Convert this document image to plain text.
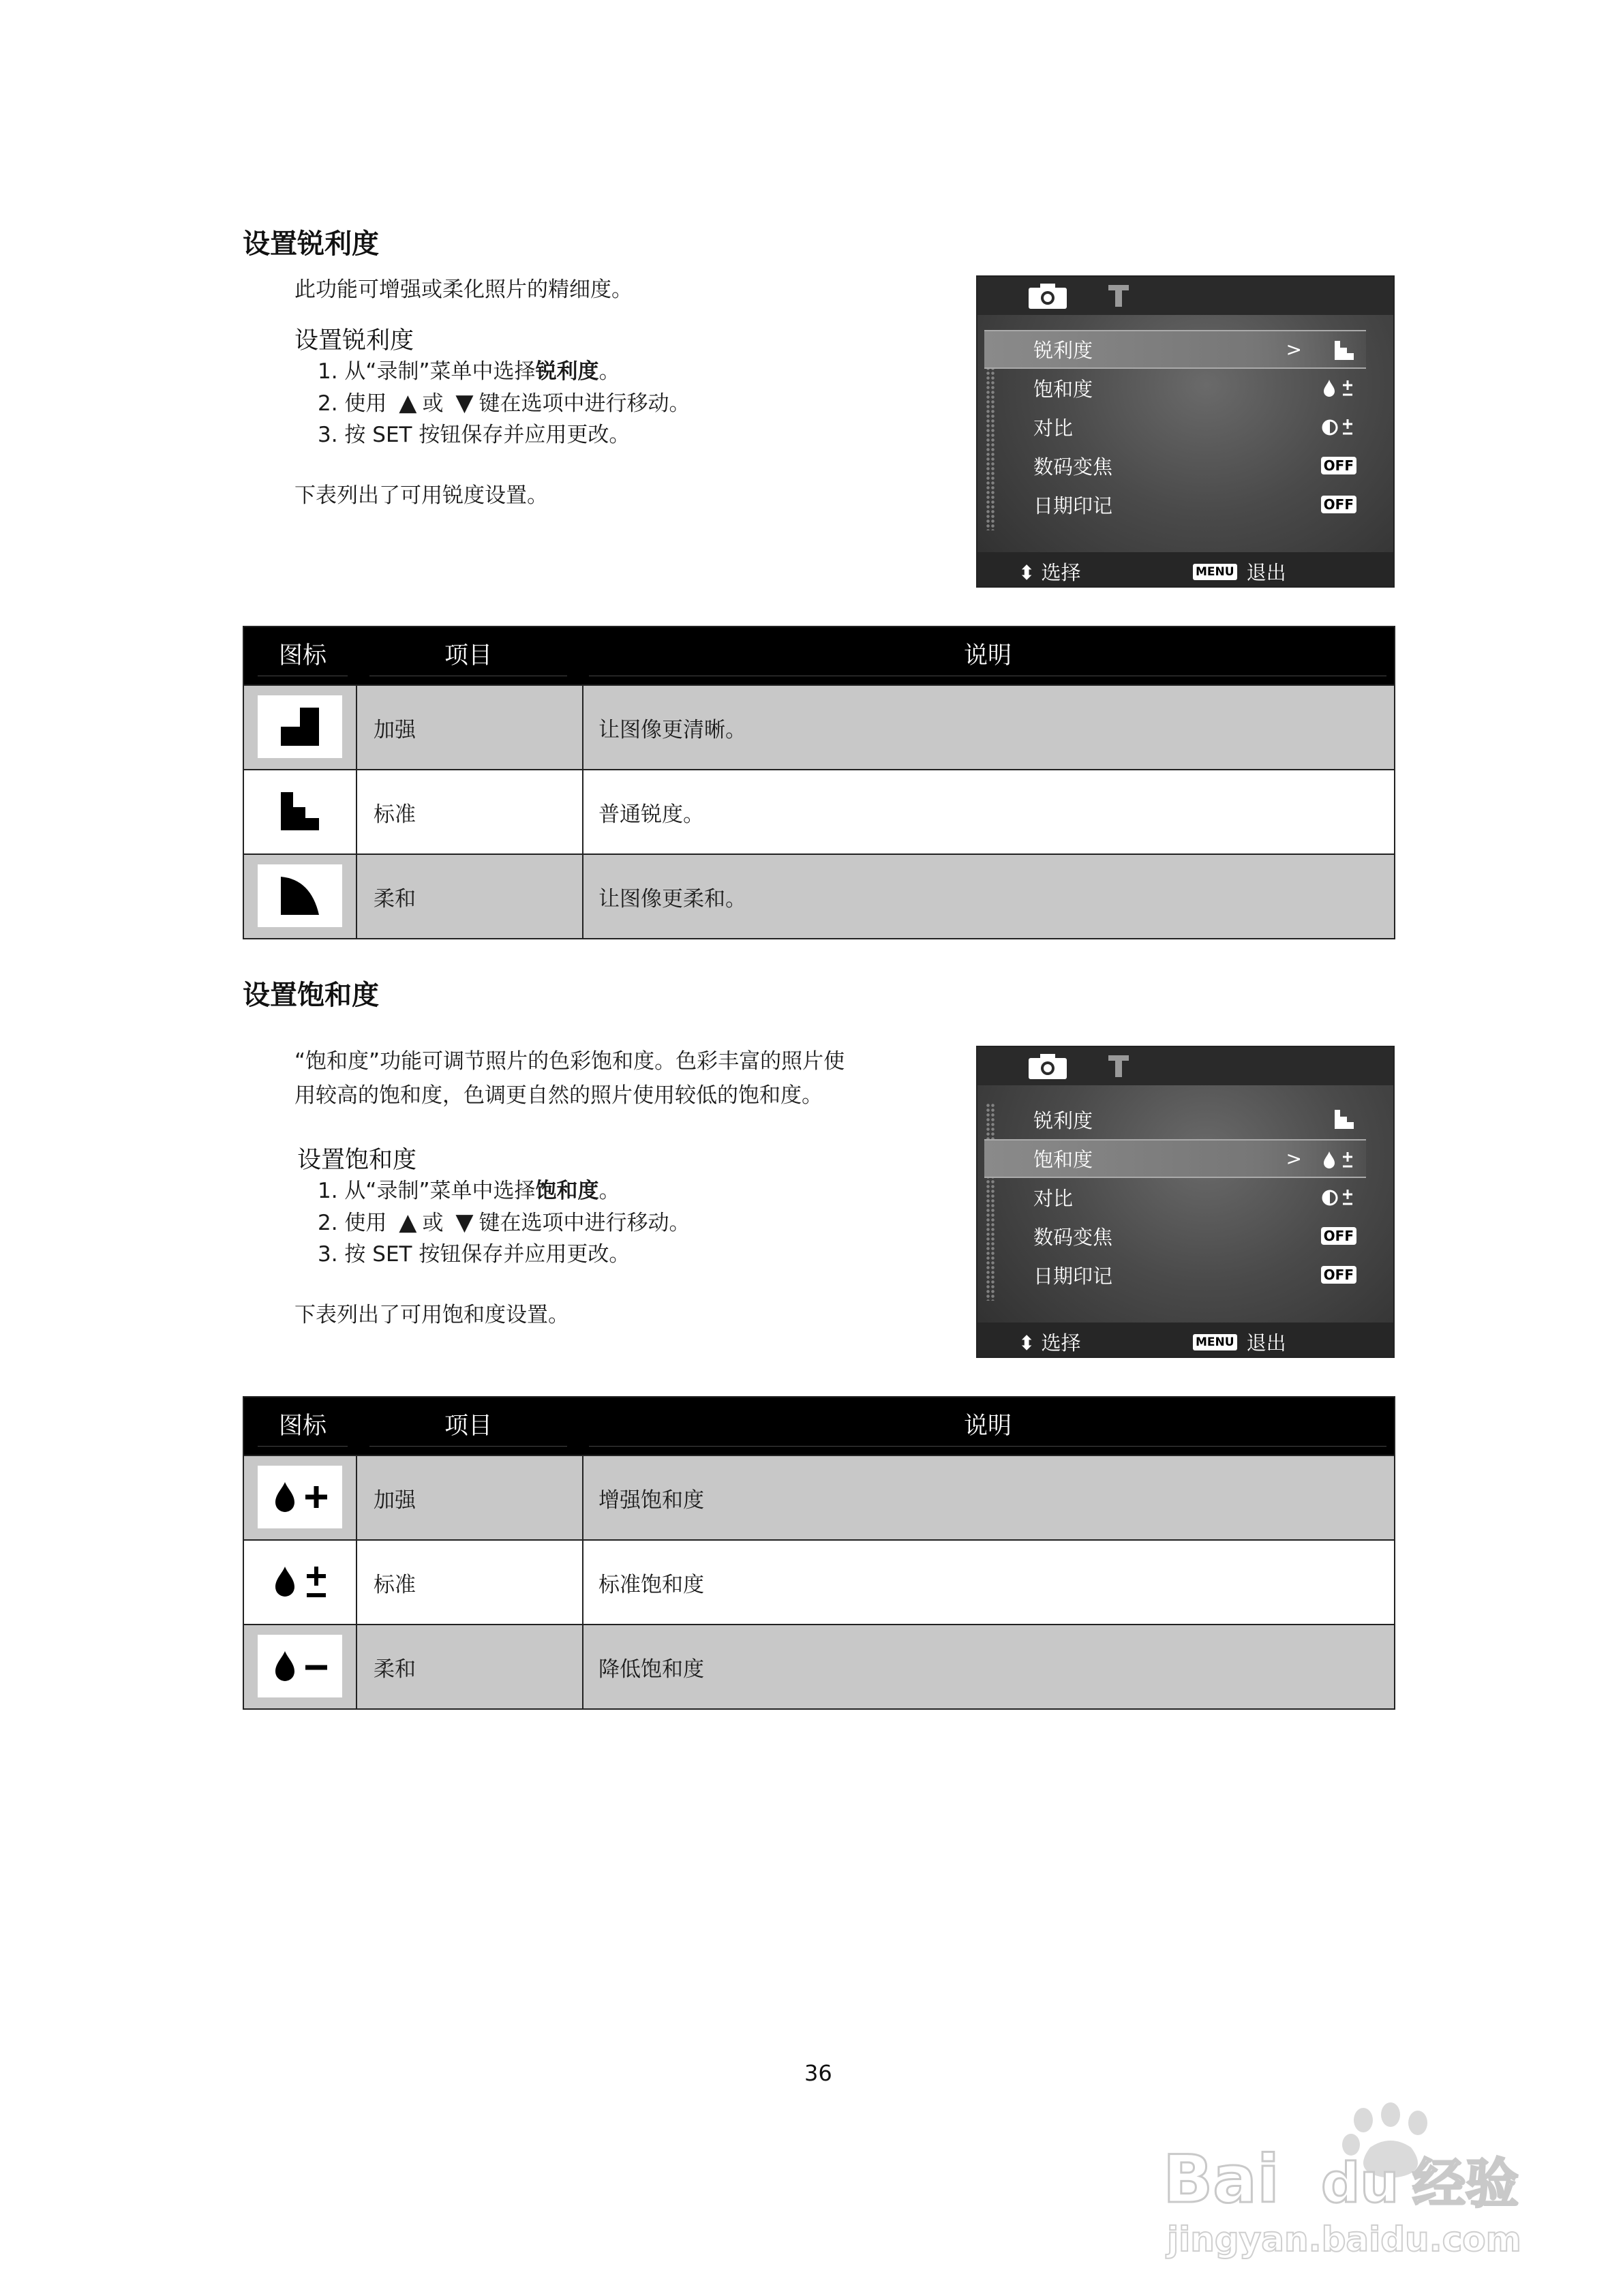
设置锐利度
此功能可增强或柔化照片的精细度。
设置锐利度
1. 从“录制”菜单中选择锐利度。
2. 使用 ▲ 或 ▼ 键在选项中进行移动。
3. 按 SET 按钮保存并应用更改。
下表列出了可用锐度设置。
锐利度	>
饱和度
对比
数码变焦	OFF
日期印记	OFF
⬍ 选择	MENU 退出
图标	项目	说明
加强	让图像更清晰。
标准	普通锐度。
柔和	让图像更柔和。
设置饱和度
“饱和度”功能可调节照片的色彩饱和度。色彩丰富的照片使
用较高的饱和度，色调更自然的照片使用较低的饱和度。
设置饱和度
1. 从“录制”菜单中选择饱和度。
2. 使用 ▲ 或 ▼ 键在选项中进行移动。
3. 按 SET 按钮保存并应用更改。
下表列出了可用饱和度设置。
锐利度
饱和度	>
对比
数码变焦	OFF
日期印记	OFF
⬍ 选择	MENU 退出
图标	项目	说明
加强	增强饱和度
标准	标准饱和度
柔和	降低饱和度
36
Bai du 经验
jingyan.baidu.com
